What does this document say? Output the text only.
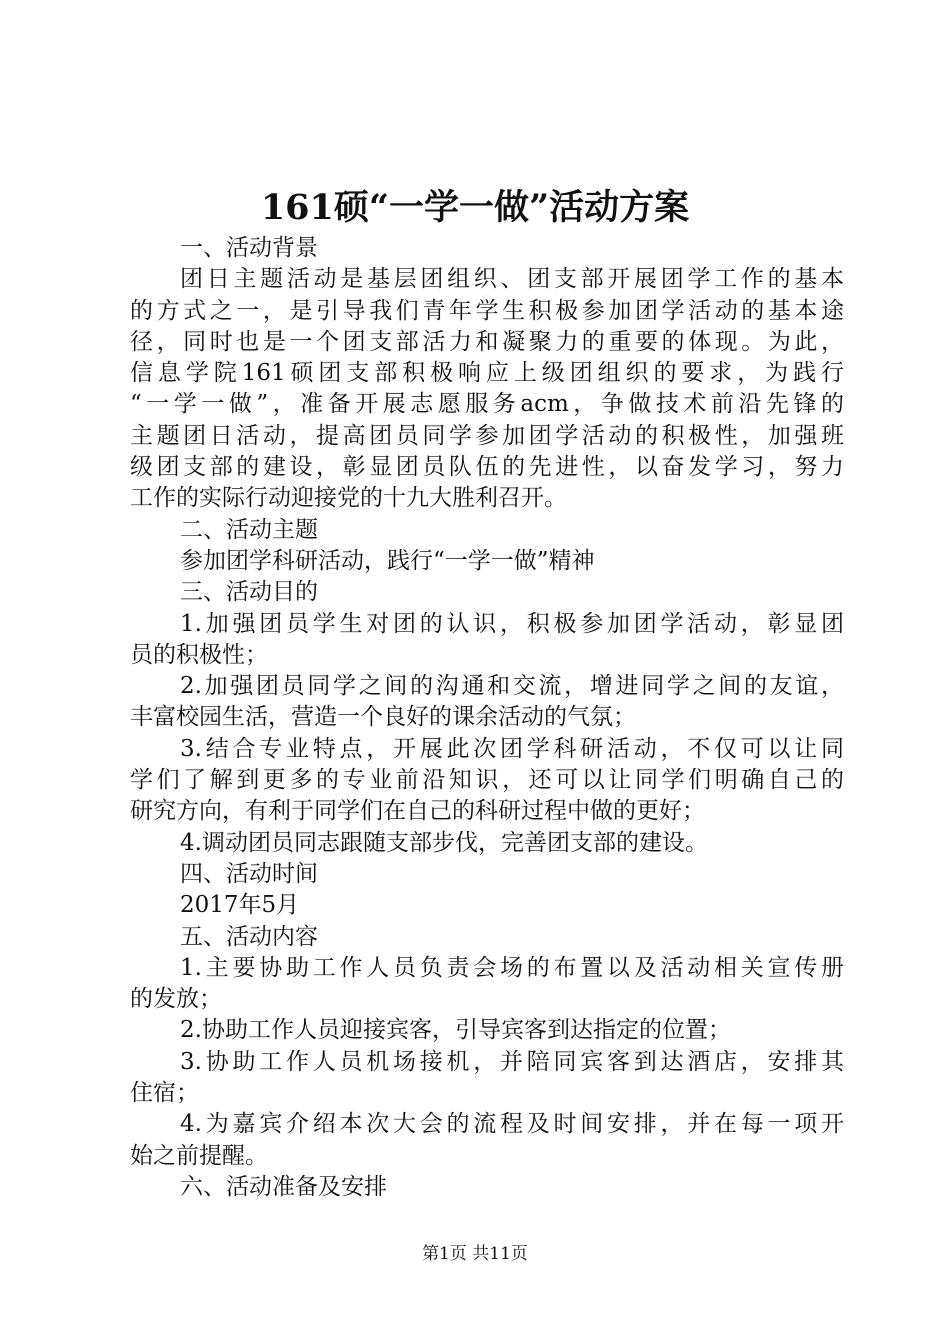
161硕“一学一做”活动方案
一、活动背景
团日主题活动是基层团组织、团支部开展团学工作的基本
的方式之一，是引导我们青年学生积极参加团学活动的基本途
径，同时也是一个团支部活力和凝聚力的重要的体现。为此，
信息学院161硕团支部积极响应上级团组织的要求，为践行
“一学一做”，准备开展志愿服务acm，争做技术前沿先锋的
主题团日活动，提高团员同学参加团学活动的积极性，加强班
级团支部的建设，彰显团员队伍的先进性，以奋发学习，努力
工作的实际行动迎接党的十九大胜利召开。
二、活动主题
参加团学科研活动，践行“一学一做”精神
三、活动目的
1.加强团员学生对团的认识，积极参加团学活动，彰显团
员的积极性；
2.加强团员同学之间的沟通和交流，增进同学之间的友谊，
丰富校园生活，营造一个良好的课余活动的气氛；
3.结合专业特点，开展此次团学科研活动，不仅可以让同
学们了解到更多的专业前沿知识，还可以让同学们明确自己的
研究方向，有利于同学们在自己的科研过程中做的更好；
4.调动团员同志跟随支部步伐，完善团支部的建设。
四、活动时间
2017年5月
五、活动内容
1.主要协助工作人员负责会场的布置以及活动相关宣传册
的发放；
2.协助工作人员迎接宾客，引导宾客到达指定的位置；
3.协助工作人员机场接机，并陪同宾客到达酒店，安排其
住宿；
4.为嘉宾介绍本次大会的流程及时间安排，并在每一项开
始之前提醒。
六、活动准备及安排
第1页 共11页
